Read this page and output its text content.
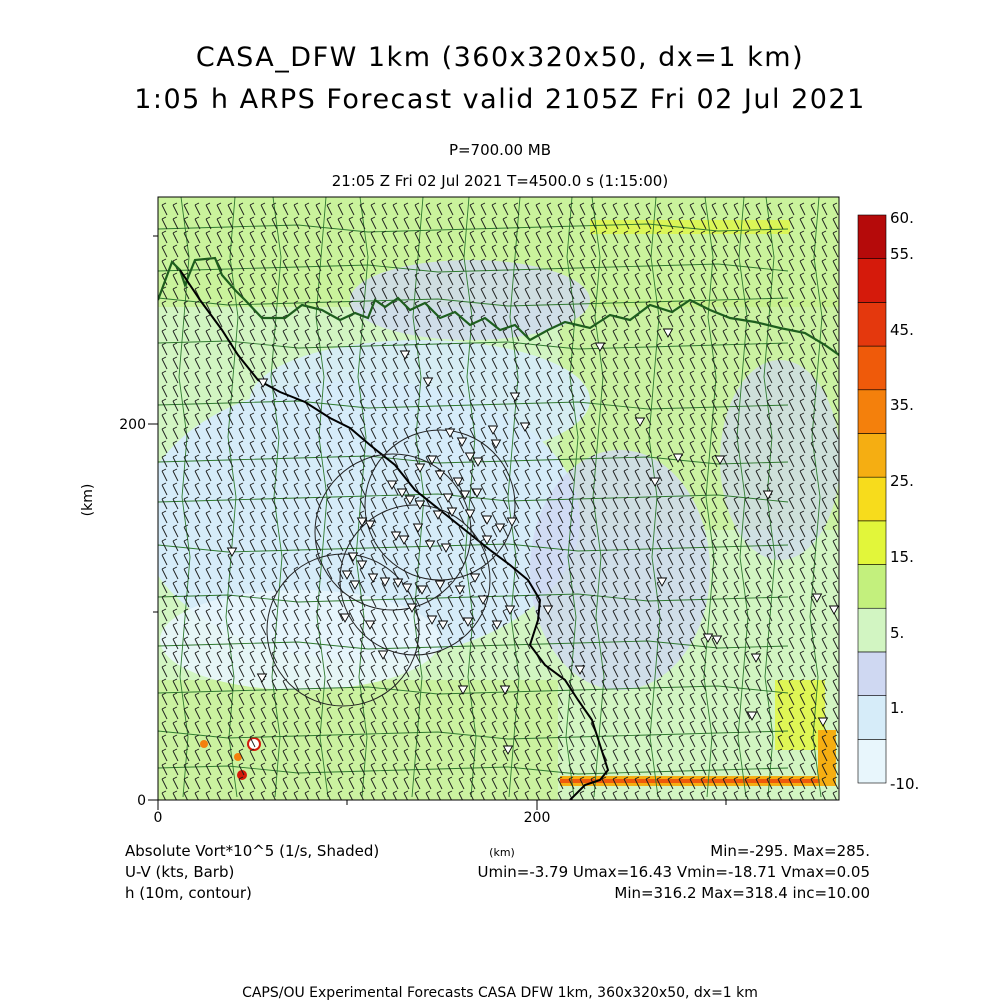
CASA_DFW 1km (360x320x50, dx=1 km)
1:05 h ARPS Forecast valid 2105Z Fri 02 Jul 2021
P=700.00 MB
21:05 Z Fri 02 Jul 2021 T=4500.0 s (1:15:00)
0	200
0
200
(km)
60.
55.
45.
35.
25.
15.
5.
1.
-10.
Absolute Vort*10^5 (1/s, Shaded)
U-V (kts, Barb)
h (10m, contour)
(km)	Min=-295. Max=285.
Umin=-3.79 Umax=16.43 Vmin=-18.71 Vmax=0.05
Min=316.2 Max=318.4 inc=10.00
CAPS/OU Experimental Forecasts CASA DFW 1km, 360x320x50, dx=1 km
